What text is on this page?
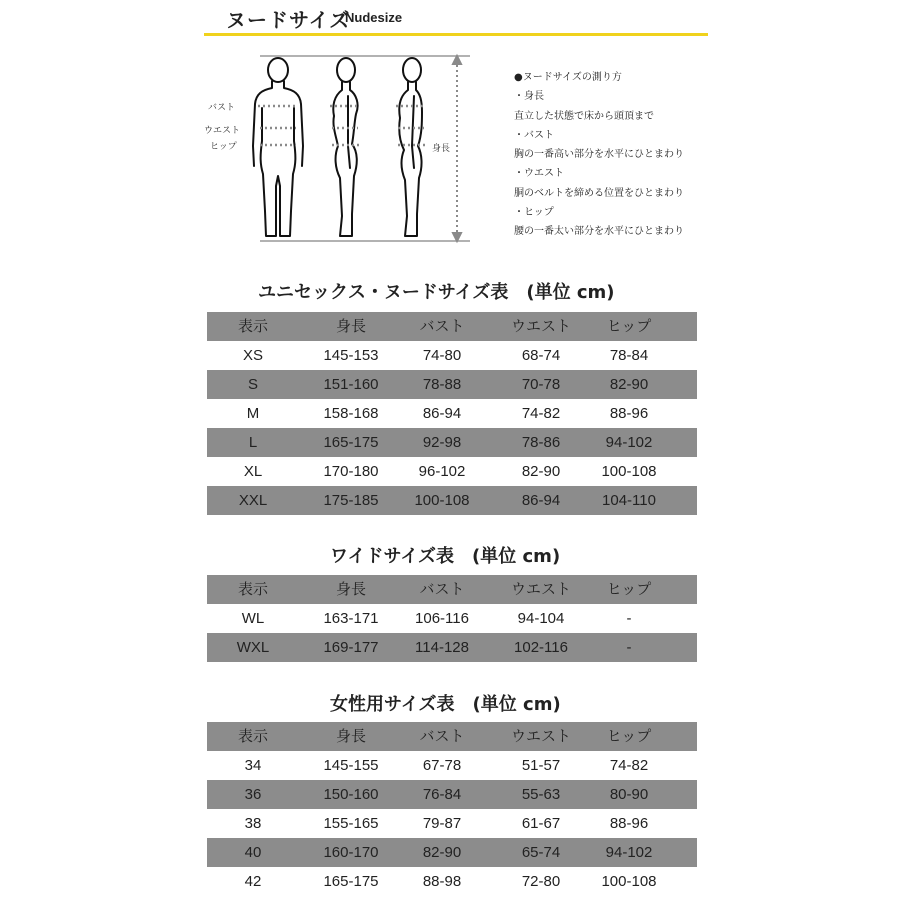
ヌードサイズ
Nudesize
バスト
ウエスト
ヒップ	身長
●ヌードサイズの測り方
・身長
直立した状態で床から頭頂まで
・バスト
胸の一番高い部分を水平にひとまわり
・ウエスト
胴のベルトを締める位置をひとまわり
・ヒップ
腰の一番太い部分を水平にひとまわり
ユニセックス・ヌードサイズ表　(単位 cm)
表示	身長	バスト	ウエスト	ヒップ
XS	145-153	74-80	68-74	78-84
S	151-160	78-88	70-78	82-90
M	158-168	86-94	74-82	88-96
L	165-175	92-98	78-86	94-102
XL	170-180	96-102	82-90	100-108
XXL	175-185	100-108	86-94	104-110
ワイドサイズ表　(単位 cm)
表示	身長	バスト	ウエスト	ヒップ
WL	163-171	106-116	94-104	-
WXL	169-177	114-128	102-116	-
女性用サイズ表　(単位 cm)
表示	身長	バスト	ウエスト	ヒップ
34	145-155	67-78	51-57	74-82
36	150-160	76-84	55-63	80-90
38	155-165	79-87	61-67	88-96
40	160-170	82-90	65-74	94-102
42	165-175	88-98	72-80	100-108
